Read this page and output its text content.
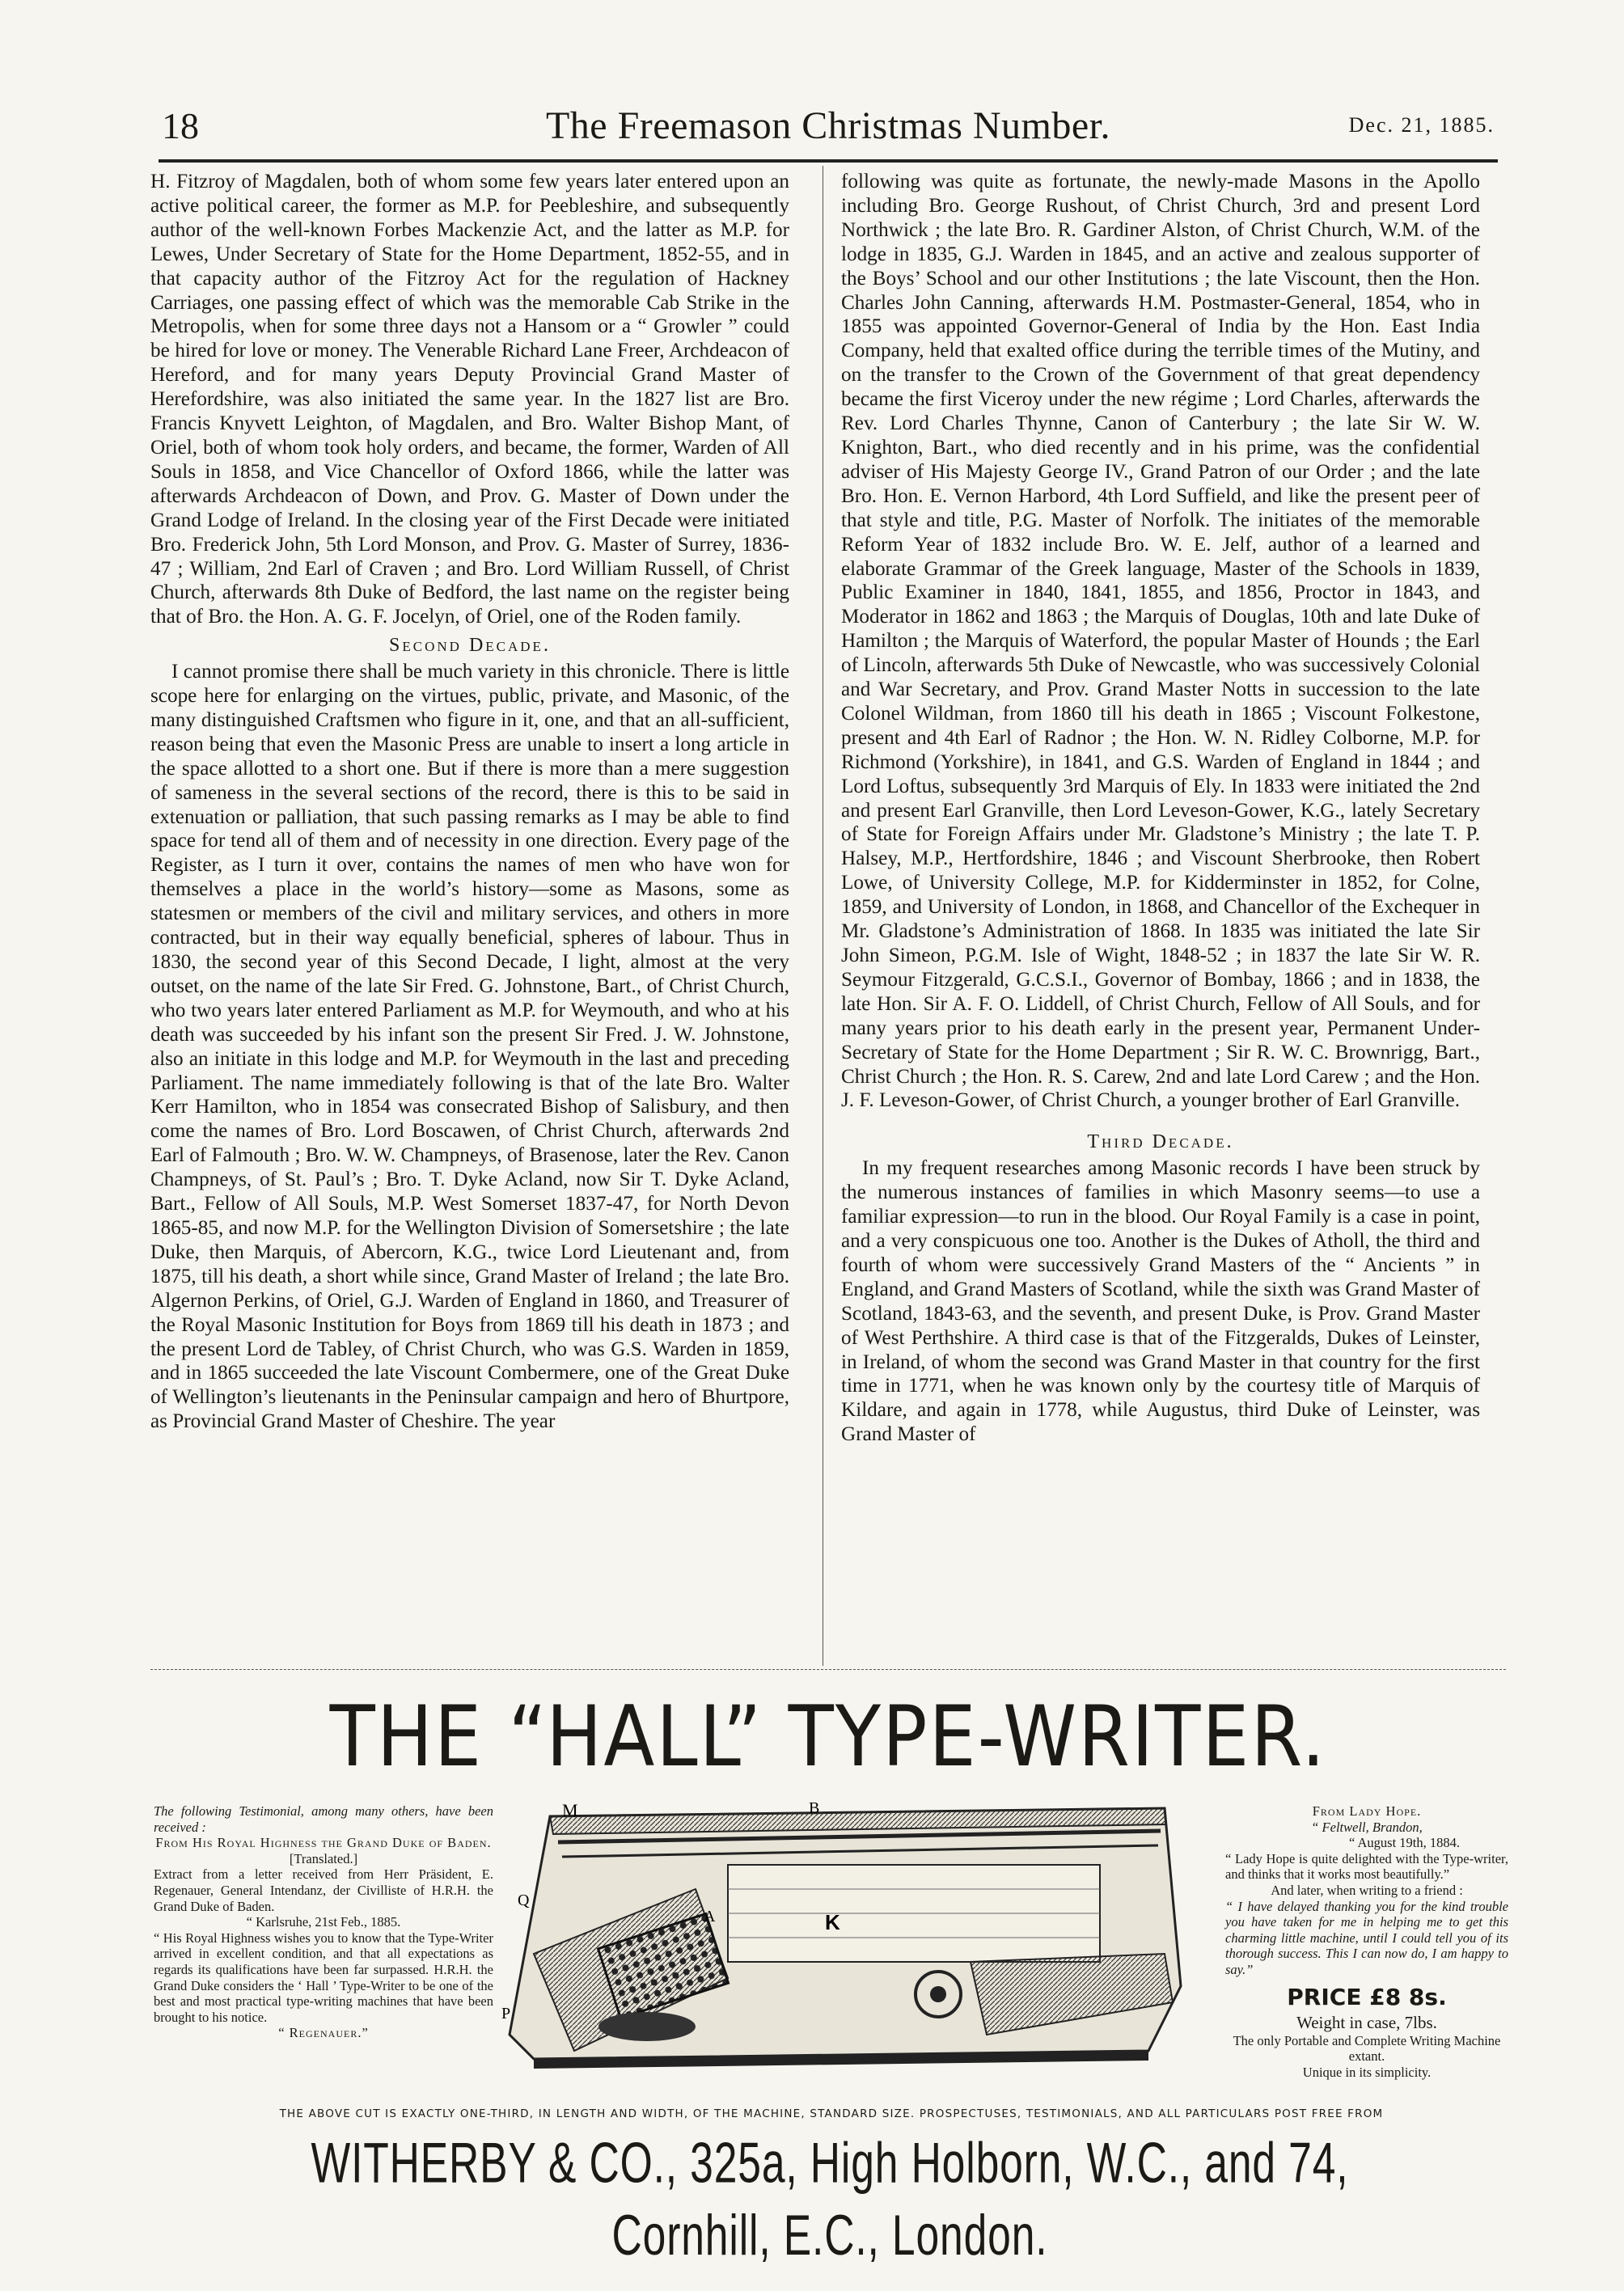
18	The Freemason Christmas Number.	Dec. 21, 1885.

H. Fitzroy of Magdalen, both of whom some few years later entered upon an active political career, the former as M.P. for Peebleshire, and subsequently author of the well-known Forbes Mackenzie Act, and the latter as M.P. for Lewes, Under Secretary of State for the Home Department, 1852-55, and in that capacity author of the Fitzroy Act for the regulation of Hackney Carriages, one passing effect of which was the memorable Cab Strike in the Metropolis, when for some three days not a Hansom or a “ Growler ” could be hired for love or money. The Venerable Richard Lane Freer, Archdeacon of Hereford, and for many years Deputy Provincial Grand Master of Herefordshire, was also initiated the same year. In the 1827 list are Bro. Francis Knyvett Leighton, of Magdalen, and Bro. Walter Bishop Mant, of Oriel, both of whom took holy orders, and became, the former, Warden of All Souls in 1858, and Vice Chancellor of Oxford 1866, while the latter was afterwards Archdeacon of Down, and Prov. G. Master of Down under the Grand Lodge of Ireland. In the closing year of the First Decade were initiated Bro. Frederick John, 5th Lord Monson, and Prov. G. Master of Surrey, 1836-47 ; William, 2nd Earl of Craven ; and Bro. Lord William Russell, of Christ Church, afterwards 8th Duke of Bedford, the last name on the register being that of Bro. the Hon. A. G. F. Jocelyn, of Oriel, one of the Roden family.

Second Decade.

I cannot promise there shall be much variety in this chronicle. There is little scope here for enlarging on the virtues, public, private, and Masonic, of the many distinguished Craftsmen who figure in it, one, and that an all-sufficient, reason being that even the Masonic Press are unable to insert a long article in the space allotted to a short one. But if there is more than a mere suggestion of sameness in the several sections of the record, there is this to be said in extenuation or palliation, that such passing remarks as I may be able to find space for tend all of them and of necessity in one direction. Every page of the Register, as I turn it over, contains the names of men who have won for themselves a place in the world’s history—some as Masons, some as statesmen or members of the civil and military services, and others in more contracted, but in their way equally beneficial, spheres of labour. Thus in 1830, the second year of this Second Decade, I light, almost at the very outset, on the name of the late Sir Fred. G. Johnstone, Bart., of Christ Church, who two years later entered Parliament as M.P. for Weymouth, and who at his death was succeeded by his infant son the present Sir Fred. J. W. Johnstone, also an initiate in this lodge and M.P. for Weymouth in the last and preceding Parliament. The name immediately following is that of the late Bro. Walter Kerr Hamilton, who in 1854 was consecrated Bishop of Salisbury, and then come the names of Bro. Lord Boscawen, of Christ Church, afterwards 2nd Earl of Falmouth ; Bro. W. W. Champneys, of Brasenose, later the Rev. Canon Champneys, of St. Paul’s ; Bro. T. Dyke Acland, now Sir T. Dyke Acland, Bart., Fellow of All Souls, M.P. West Somerset 1837-47, for North Devon 1865-85, and now M.P. for the Wellington Division of Somersetshire ; the late Duke, then Marquis, of Abercorn, K.G., twice Lord Lieutenant and, from 1875, till his death, a short while since, Grand Master of Ireland ; the late Bro. Algernon Perkins, of Oriel, G.J. Warden of England in 1860, and Treasurer of the Royal Masonic Institution for Boys from 1869 till his death in 1873 ; and the present Lord de Tabley, of Christ Church, who was G.S. Warden in 1859, and in 1865 succeeded the late Viscount Combermere, one of the Great Duke of Wellington’s lieutenants in the Peninsular campaign and hero of Bhurtpore, as Provincial Grand Master of Cheshire. The year

following was quite as fortunate, the newly-made Masons in the Apollo including Bro. George Rushout, of Christ Church, 3rd and present Lord Northwick ; the late Bro. R. Gardiner Alston, of Christ Church, W.M. of the lodge in 1835, G.J. Warden in 1845, and an active and zealous supporter of the Boys’ School and our other Institutions ; the late Viscount, then the Hon. Charles John Canning, afterwards H.M. Postmaster-General, 1854, who in 1855 was appointed Governor-General of India by the Hon. East India Company, held that exalted office during the terrible times of the Mutiny, and on the transfer to the Crown of the Government of that great dependency became the first Viceroy under the new régime ; Lord Charles, afterwards the Rev. Lord Charles Thynne, Canon of Canterbury ; the late Sir W. W. Knighton, Bart., who died recently and in his prime, was the confidential adviser of His Majesty George IV., Grand Patron of our Order ; and the late Bro. Hon. E. Vernon Harbord, 4th Lord Suffield, and like the present peer of that style and title, P.G. Master of Norfolk. The initiates of the memorable Reform Year of 1832 include Bro. W. E. Jelf, author of a learned and elaborate Grammar of the Greek language, Master of the Schools in 1839, Public Examiner in 1840, 1841, 1855, and 1856, Proctor in 1843, and Moderator in 1862 and 1863 ; the Marquis of Douglas, 10th and late Duke of Hamilton ; the Marquis of Waterford, the popular Master of Hounds ; the Earl of Lincoln, afterwards 5th Duke of Newcastle, who was successively Colonial and War Secretary, and Prov. Grand Master Notts in succession to the late Colonel Wildman, from 1860 till his death in 1865 ; Viscount Folkestone, present and 4th Earl of Radnor ; the Hon. W. N. Ridley Colborne, M.P. for Richmond (Yorkshire), in 1841, and G.S. Warden of England in 1844 ; and Lord Loftus, subsequently 3rd Marquis of Ely. In 1833 were initiated the 2nd and present Earl Granville, then Lord Leveson-Gower, K.G., lately Secretary of State for Foreign Affairs under Mr. Gladstone’s Ministry ; the late T. P. Halsey, M.P., Hertfordshire, 1846 ; and Viscount Sherbrooke, then Robert Lowe, of University College, M.P. for Kidderminster in 1852, for Colne, 1859, and University of London, in 1868, and Chancellor of the Exchequer in Mr. Gladstone’s Administration of 1868. In 1835 was initiated the late Sir John Simeon, P.G.M. Isle of Wight, 1848-52 ; in 1837 the late Sir W. R. Seymour Fitzgerald, G.C.S.I., Governor of Bombay, 1866 ; and in 1838, the late Hon. Sir A. F. O. Liddell, of Christ Church, Fellow of All Souls, and for many years prior to his death early in the present year, Permanent Under-Secretary of State for the Home Department ; Sir R. W. C. Brownrigg, Bart., Christ Church ; the Hon. R. S. Carew, 2nd and late Lord Carew ; and the Hon. J. F. Leveson-Gower, of Christ Church, a younger brother of Earl Granville.

Third Decade.

In my frequent researches among Masonic records I have been struck by the numerous instances of families in which Masonry seems—to use a familiar expression—to run in the blood. Our Royal Family is a case in point, and a very conspicuous one too. Another is the Dukes of Atholl, the third and fourth of whom were successively Grand Masters of the “ Ancients ” in England, and Grand Masters of Scotland, while the sixth was Grand Master of Scotland, 1843-63, and the seventh, and present Duke, is Prov. Grand Master of West Perthshire. A third case is that of the Fitzgeralds, Dukes of Leinster, in Ireland, of whom the second was Grand Master in that country for the first time in 1771, when he was known only by the courtesy title of Marquis of Kildare, and again in 1778, while Augustus, third Duke of Leinster, was Grand Master of

THE “HALL” TYPE-WRITER.

The following Testimonial, among many others, have been received :

From His Royal Highness the Grand Duke of Baden.

[Translated.]

Extract from a letter received from Herr Präsident, E. Regenauer, General Intendanz, der Civilliste of H.R.H. the Grand Duke of Baden.

“ Karlsruhe, 21st Feb., 1885.

“ His Royal Highness wishes you to know that the Type-Writer arrived in excellent condition, and that all expectations as regards its qualifications have been far surpassed. H.R.H. the Grand Duke considers the ‘ Hall ’ Type-Writer to be one of the best and most practical type-writing machines that have been brought to his notice.

“ Regenauer.”

M	B
Q
A	K
P

From Lady Hope.

“ Feltwell, Brandon,

“ August 19th, 1884.

“ Lady Hope is quite delighted with the Type-writer, and thinks that it works most beautifully.”

And later, when writing to a friend :

“ I have delayed thanking you for the kind trouble you have taken for me in helping me to get this charming little machine, until I could tell you of its thorough success. This I can now do, I am happy to say.”

PRICE £8 8s.

Weight in case, 7lbs.

The only Portable and Complete Writing Machine extant.

Unique in its simplicity.

THE ABOVE CUT IS EXACTLY ONE-THIRD, IN LENGTH AND WIDTH, OF THE MACHINE, STANDARD SIZE. PROSPECTUSES, TESTIMONIALS, AND ALL PARTICULARS POST FREE FROM
WITHERBY & CO., 325a, High Holborn, W.C., and 74, Cornhill, E.C., London.
